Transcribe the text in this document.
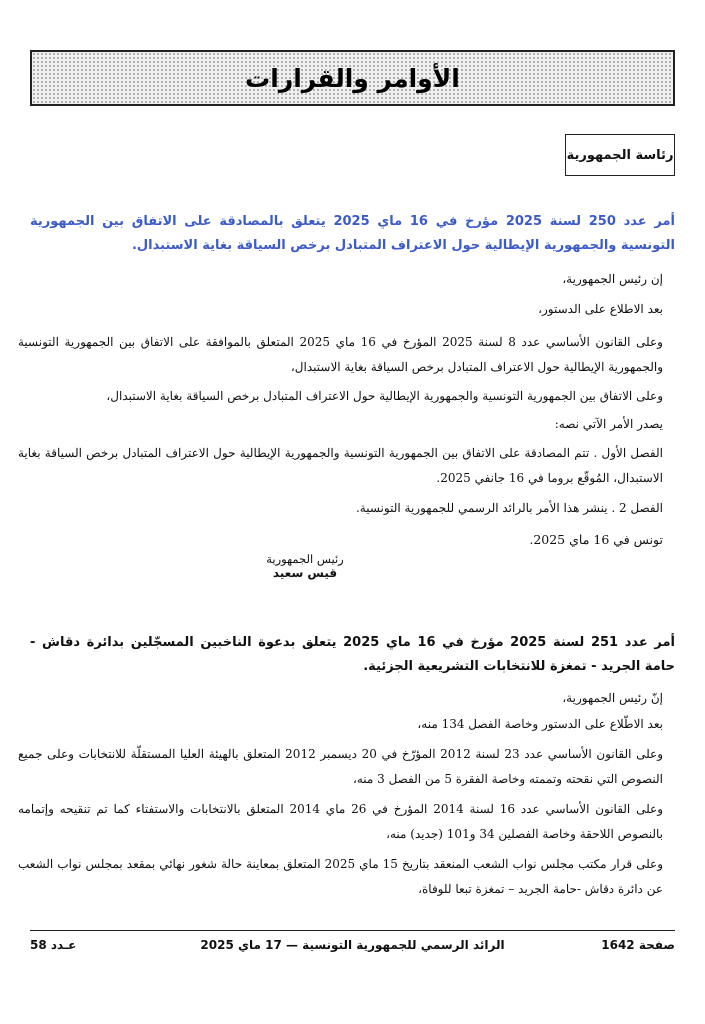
الأوامر والقرارات
رئاسة الجمهورية
أمر عدد 250 لسنة 2025 مؤرخ في 16 ماي 2025 يتعلق بالمصادقة على الاتفاق بين الجمهورية التونسية والجمهورية الإيطالية حول الاعتراف المتبادل برخص السياقة بغاية الاستبدال.
إن رئيس الجمهورية،
بعد الاطلاع على الدستور،
وعلى القانون الأساسي عدد 8 لسنة 2025 المؤرخ في 16 ماي 2025 المتعلق بالموافقة على الاتفاق بين الجمهورية التونسية والجمهورية الإيطالية حول الاعتراف المتبادل برخص السياقة بغاية الاستبدال،
وعلى الاتفاق بين الجمهورية التونسية والجمهورية الإيطالية حول الاعتراف المتبادل برخص السياقة بغاية الاستبدال،
يصدر الأمر الآتي نصه:
الفصل الأول . تتم المصادقة على الاتفاق بين الجمهورية التونسية والجمهورية الإيطالية حول الاعتراف المتبادل برخص السياقة بغاية الاستبدال، المُوقّع بروما في 16 جانفي 2025.
الفصل 2 . ينشر هذا الأمر بالرائد الرسمي للجمهورية التونسية.
تونس في 16 ماي 2025.
رئيس الجمهورية
قيس سعيد
أمر عدد 251 لسنة 2025 مؤرخ في 16 ماي 2025 يتعلق بدعوة الناخبين المسجّلين بدائرة دقاش - حامة الجريد - تمغزة للانتخابات التشريعية الجزئية.
إنّ رئيس الجمهورية،
بعد الاطّلاع على الدستور وخاصة الفصل 134 منه،
وعلى القانون الأساسي عدد 23 لسنة 2012 المؤرّخ في 20 ديسمبر 2012 المتعلق بالهيئة العليا المستقلّة للانتخابات وعلى جميع النصوص التي نقحته وتممته وخاصة الفقرة 5 من الفصل 3 منه،
وعلى القانون الأساسي عدد 16 لسنة 2014 المؤرخ في 26 ماي 2014 المتعلق بالانتخابات والاستفتاء كما تم تنقيحه وإتمامه بالنصوص اللاحقة وخاصة الفصلين 34 و101 (جديد) منه،
وعلى قرار مكتب مجلس نواب الشعب المنعقد بتاريخ 15 ماي 2025 المتعلق بمعاينة حالة شغور نهائي بمقعد بمجلس نواب الشعب عن دائرة دقاش -حامة الجريد – تمغزة تبعا للوفاة،
صفحة 1642
الرائد الرسمي للجمهورية التونسية — 17 ماي 2025
عـدد 58
